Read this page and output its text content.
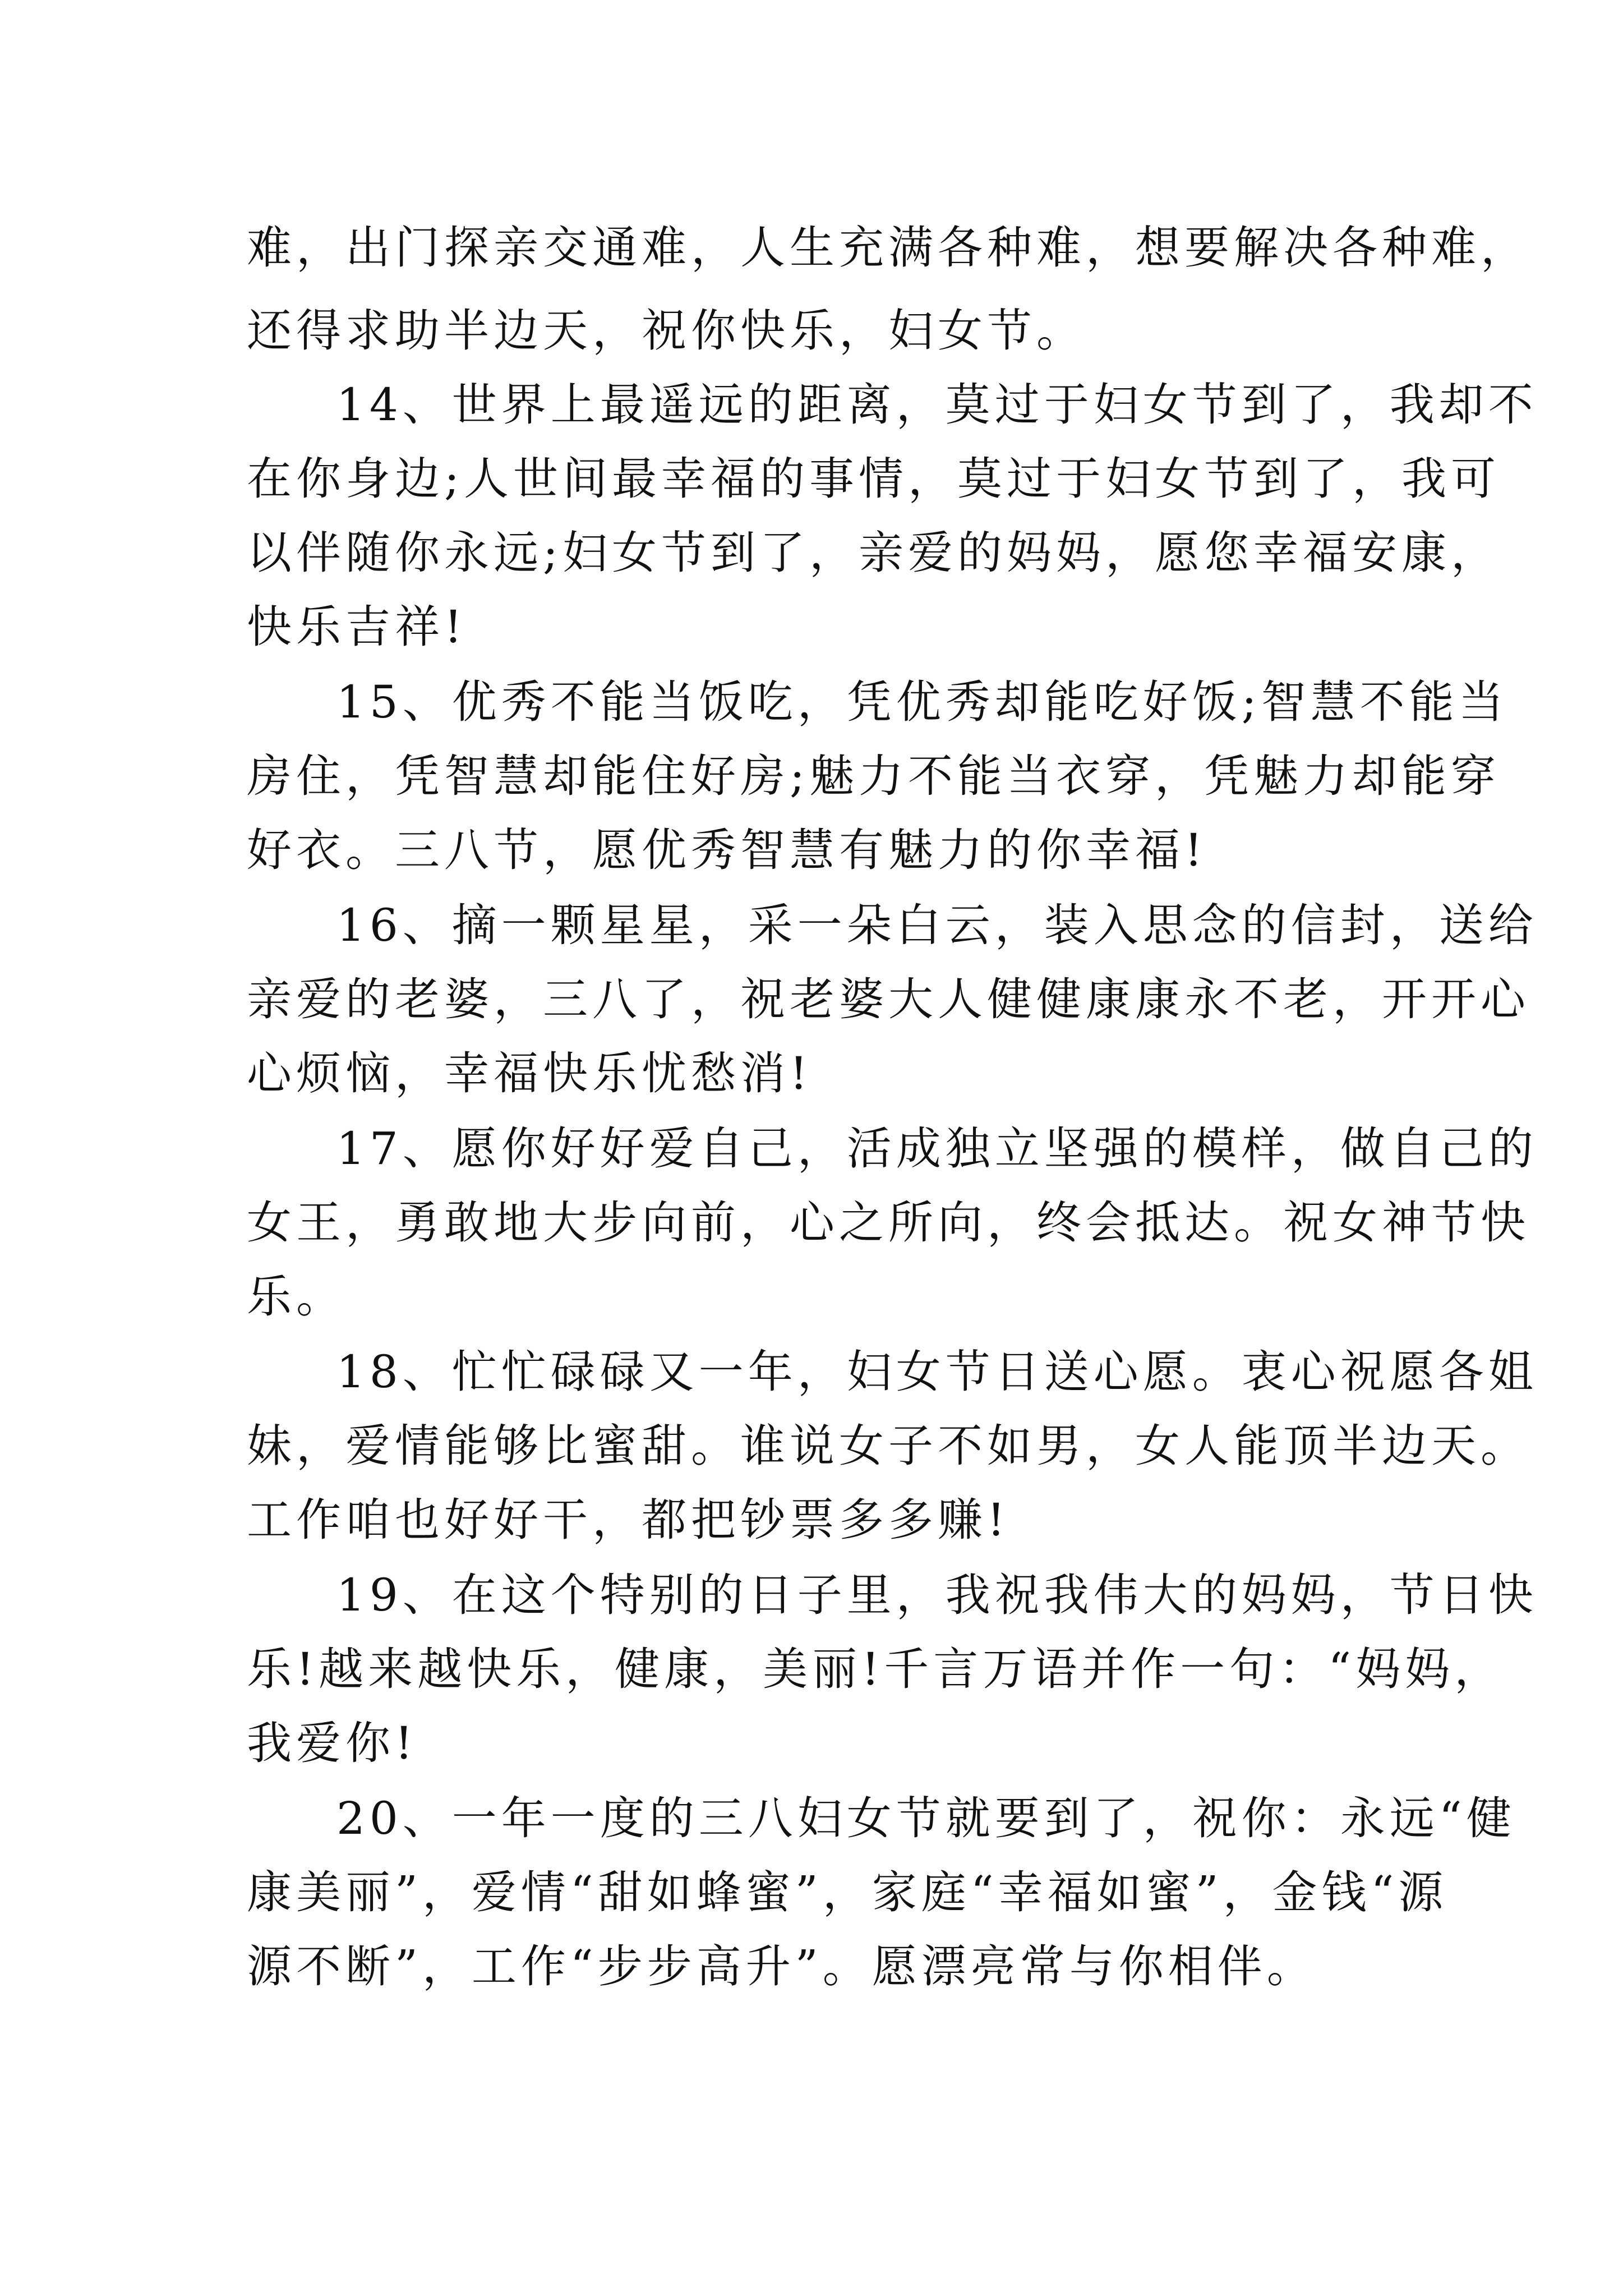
难，出门探亲交通难，人生充满各种难，想要解决各种难，
还得求助半边天，祝你快乐，妇女节。
14、世界上最遥远的距离，莫过于妇女节到了，我却不
在你身边;人世间最幸福的事情，莫过于妇女节到了，我可
以伴随你永远;妇女节到了，亲爱的妈妈，愿您幸福安康，
快乐吉祥!
15、优秀不能当饭吃，凭优秀却能吃好饭;智慧不能当
房住，凭智慧却能住好房;魅力不能当衣穿，凭魅力却能穿
好衣。三八节，愿优秀智慧有魅力的你幸福!
16、摘一颗星星，采一朵白云，装入思念的信封，送给
亲爱的老婆，三八了，祝老婆大人健健康康永不老，开开心
心烦恼，幸福快乐忧愁消!
17、愿你好好爱自己，活成独立坚强的模样，做自己的
女王，勇敢地大步向前，心之所向，终会抵达。祝女神节快
乐。
18、忙忙碌碌又一年，妇女节日送心愿。衷心祝愿各姐
妹，爱情能够比蜜甜。谁说女子不如男，女人能顶半边天。
工作咱也好好干，都把钞票多多赚!
19、在这个特别的日子里，我祝我伟大的妈妈，节日快
乐!越来越快乐，健康，美丽!千言万语并作一句：“妈妈，
我爱你!
20、一年一度的三八妇女节就要到了，祝你：永远“健
康美丽”，爱情“甜如蜂蜜”，家庭“幸福如蜜”，金钱“源
源不断”，工作“步步高升”。愿漂亮常与你相伴。
